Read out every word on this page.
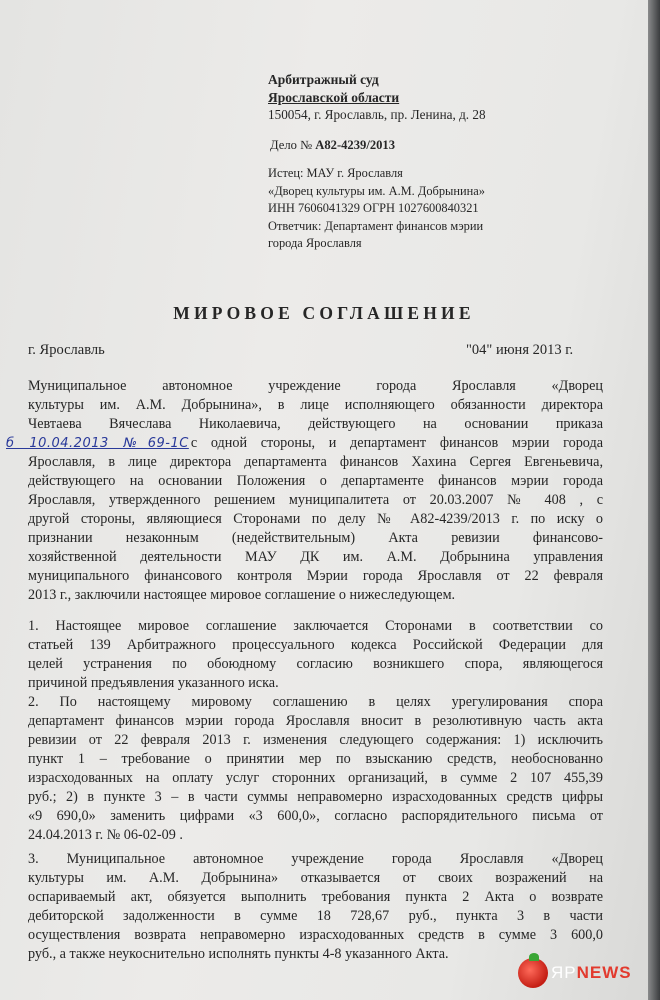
Арбитражный суд
Ярославской области
150054, г. Ярославль, пр. Ленина, д. 28
Дело № А82-4239/2013
Истец: МАУ г. Ярославля
«Дворец культуры им. А.М. Добрынина»
ИНН 7606041329 ОГРН 1027600840321
Ответчик: Департамент финансов мэрии
города Ярославля
МИРОВОЕ СОГЛАШЕНИЕ
г. Ярославль	"04" июня 2013 г.
Муниципальное автономное учреждение города Ярославля «Дворец
культуры им. А.М. Добрынина», в лице исполняющего обязанности директора
Чевтаева Вячеслава Николаевича, действующего на основании приказа
б 10.04.2013 №69-1С с одной стороны, и департамент финансов мэрии города
Ярославля, в лице директора департамента финансов Хахина Сергея Евгеньевича,
действующего на основании Положения о департаменте финансов мэрии города
Ярославля, утвержденного решением муниципалитета от 20.03.2007 № 408 , с
другой стороны, являющиеся Сторонами по делу № А82-4239/2013 г. по иску о
признании незаконным (недействительным) Акта ревизии финансово-
хозяйственной деятельности МАУ ДК им. А.М. Добрынина управления
муниципального финансового контроля Мэрии города Ярославля от 22 февраля
2013 г., заключили настоящее мировое соглашение о нижеследующем.
1. Настоящее мировое соглашение заключается Сторонами в соответствии со
статьей 139 Арбитражного процессуального кодекса Российской Федерации для
целей устранения по обоюдному согласию возникшего спора, являющегося
причиной предъявления указанного иска.
2. По настоящему мировому соглашению в целях урегулирования спора
департамент финансов мэрии города Ярославля вносит в резолютивную часть акта
ревизии от 22 февраля 2013 г. изменения следующего содержания: 1) исключить
пункт 1 – требование о принятии мер по взысканию средств, необоснованно
израсходованных на оплату услуг сторонних организаций, в сумме 2 107 455,39
руб.; 2) в пункте 3 – в части суммы неправомерно израсходованных средств цифры
«9 690,0» заменить цифрами «3 600,0», согласно распорядительного письма от
24.04.2013 г. № 06-02-09 .
3. Муниципальное автономное учреждение города Ярославля «Дворец
культуры им. А.М. Добрынина» отказывается от своих возражений на
оспариваемый акт, обязуется выполнить требования пункта 2 Акта о возврате
дебиторской задолженности в сумме 18 728,67 руб., пункта 3 в части
осуществления возврата неправомерно израсходованных средств в сумме 3 600,0
руб., а также неукоснительно исполнять пункты 4-8 указанного Акта.
ЯР NEWS
